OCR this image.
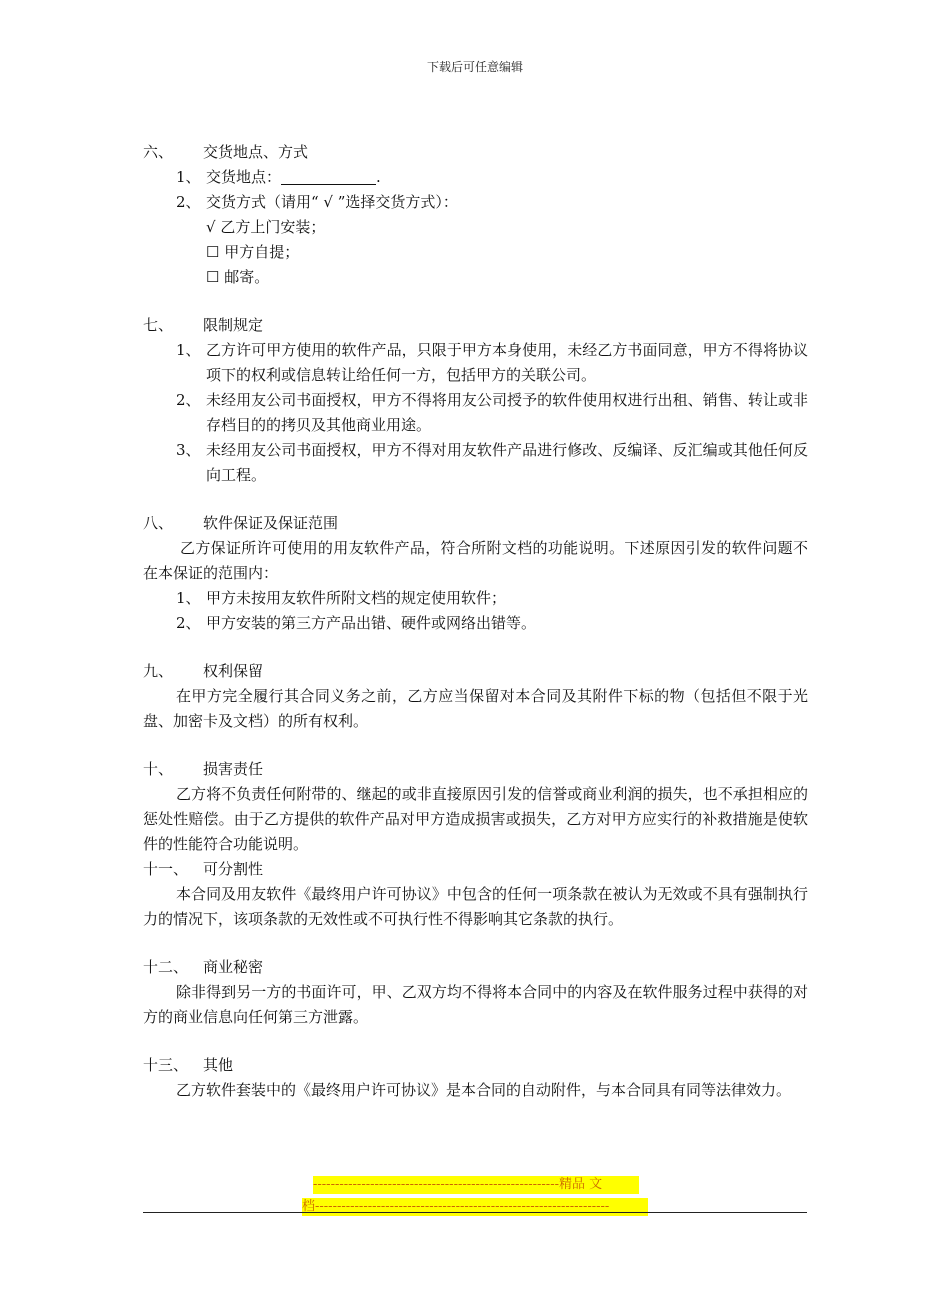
下载后可任意编辑
六、 交货地点、方式
1、 交货地点：	.
2、 交货方式（请用“ √ ”选择交货方式）：
√ 乙方上门安装；
☐ 甲方自提；
☐ 邮寄。
七、 限制规定
1、 乙方许可甲方使用的软件产品，只限于甲方本身使用，未经乙方书面同意，甲方不得将协议项下的权利或信息转让给任何一方，包括甲方的关联公司。
2、 未经用友公司书面授权，甲方不得将用友公司授予的软件使用权进行出租、销售、转让或非存档目的的拷贝及其他商业用途。
3、 未经用友公司书面授权，甲方不得对用友软件产品进行修改、反编译、反汇编或其他任何反向工程。
八、 软件保证及保证范围
乙方保证所许可使用的用友软件产品，符合所附文档的功能说明。下述原因引发的软件问题不在本保证的范围内：
1、 甲方未按用友软件所附文档的规定使用软件；
2、 甲方安装的第三方产品出错、硬件或网络出错等。
九、 权利保留
在甲方完全履行其合同义务之前，乙方应当保留对本合同及其附件下标的物（包括但不限于光盘、加密卡及文档）的所有权利。
十、 损害责任
乙方将不负责任何附带的、继起的或非直接原因引发的信誉或商业利润的损失，也不承担相应的惩处性赔偿。由于乙方提供的软件产品对甲方造成损害或损失，乙方对甲方应实行的补救措施是使软件的性能符合功能说明。
十一、 可分割性
本合同及用友软件《最终用户许可协议》中包含的任何一项条款在被认为无效或不具有强制执行力的情况下，该项条款的无效性或不可执行性不得影响其它条款的执行。
十二、 商业秘密
除非得到另一方的书面许可，甲、乙双方均不得将本合同中的内容及在软件服务过程中获得的对方的商业信息向任何第三方泄露。
十三、 其他
乙方软件套装中的《最终用户许可协议》是本合同的自动附件，与本合同具有同等法律效力。
--------------------------------------------------------精品 文
档-------------------------------------------------------------------
